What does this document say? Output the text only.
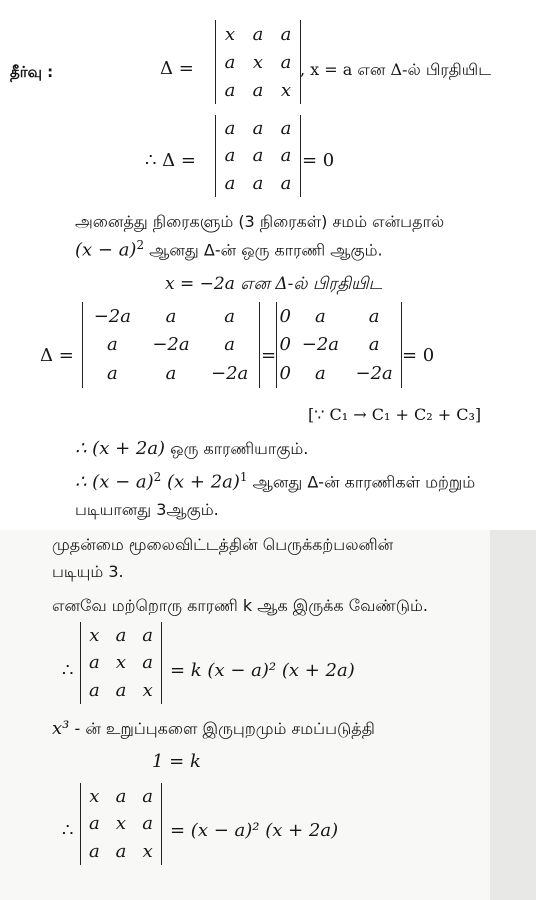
தீர்வு :	Δ =
x	a	a
a	x	a
a	a	x
, x = a என Δ-ல் பிரதியிட
∴ Δ =
a	a	a
a	a	a
a	a	a
= 0
அனைத்து நிரைகளும் (3 நிரைகள்) சமம் என்பதால்
$(x - a)^2$ ஆனது Δ-ன் ஒரு காரணி ஆகும்.
x = −2a என Δ-ல் பிரதியிட
Δ =
−2a	a	a
a	−2a	a
a	a	−2a
=
0	a	a
0	−2a	a
0	a	−2a
= 0
[∵ C₁ → C₁ + C₂ + C₃]
∴ (x + 2a) ஒரு காரணியாகும்.
∴ $(x - a)^2$ $(x + 2a)^1$ ஆனது Δ-ன் காரணிகள் மற்றும்
படியானது 3ஆகும்.
முதன்மை மூலைவிட்டத்தின் பெருக்கற்பலனின்
படியும் 3.
எனவே மற்றொரு காரணி k ஆக இருக்க வேண்டும்.
∴
x	a	a
a	x	a
a	a	x
= k (x − a)² (x + 2a)
x³ - ன் உறுப்புகளை இருபுறமும் சமப்படுத்தி
1 = k
∴
x	a	a
a	x	a
a	a	x
= (x − a)² (x + 2a)
